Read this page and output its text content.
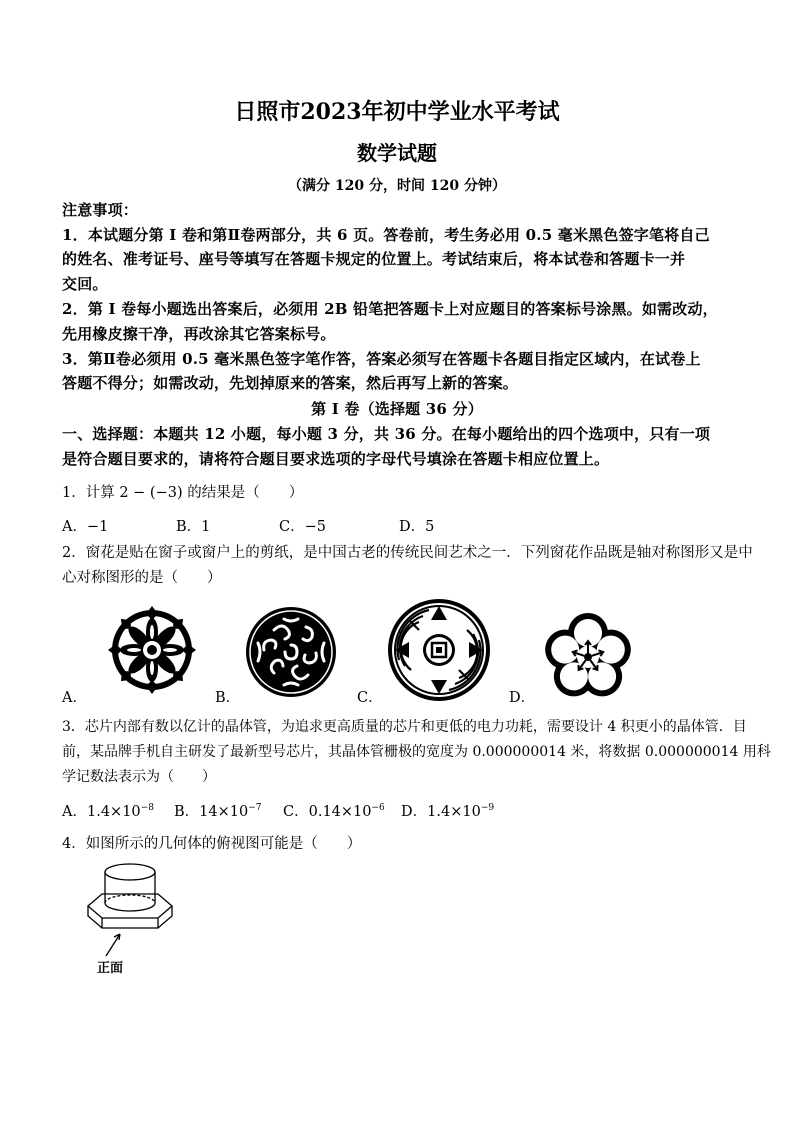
日照市2023年初中学业水平考试
数学试题
（满分 120 分，时间 120 分钟）
注意事项：
1．本试题分第 I 卷和第Ⅱ卷两部分，共 6 页。答卷前，考生务必用 0.5 毫米黑色签字笔将自己
的姓名、准考证号、座号等填写在答题卡规定的位置上。考试结束后，将本试卷和答题卡一并
交回。
2．第 I 卷每小题选出答案后，必须用 2B 铅笔把答题卡上对应题目的答案标号涂黑。如需改动，
先用橡皮擦干净，再改涂其它答案标号。
3．第Ⅱ卷必须用 0.5 毫米黑色签字笔作答，答案必须写在答题卡各题目指定区域内，在试卷上
答题不得分；如需改动，先划掉原来的答案，然后再写上新的答案。
第 I 卷（选择题 36 分）
一、选择题：本题共 12 小题，每小题 3 分，共 36 分。在每小题给出的四个选项中，只有一项
是符合题目要求的，请将符合题目要求选项的字母代号填涂在答题卡相应位置上。
1．计算 2 − (−3) 的结果是（　　）
A．−1	B．1	C．−5	D．5
2．窗花是贴在窗子或窗户上的剪纸，是中国古老的传统民间艺术之一．下列窗花作品既是轴对称图形又是中
心对称图形的是（　　）
A．	B．	C．	D．
3．芯片内部有数以亿计的晶体管，为追求更高质量的芯片和更低的电力功耗，需要设计 4 积更小的晶体管．目
前，某品牌手机自主研发了最新型号芯片，其晶体管栅极的宽度为 0.000000014 米，将数据 0.000000014 用科
学记数法表示为（　　）
A．$1.4\times 10^{-8}$ B．$14\times 10^{-7}$ C．$0.14\times 10^{-6}$ D．$1.4\times 10^{-9}$
4．如图所示的几何体的俯视图可能是（　　）
正面
